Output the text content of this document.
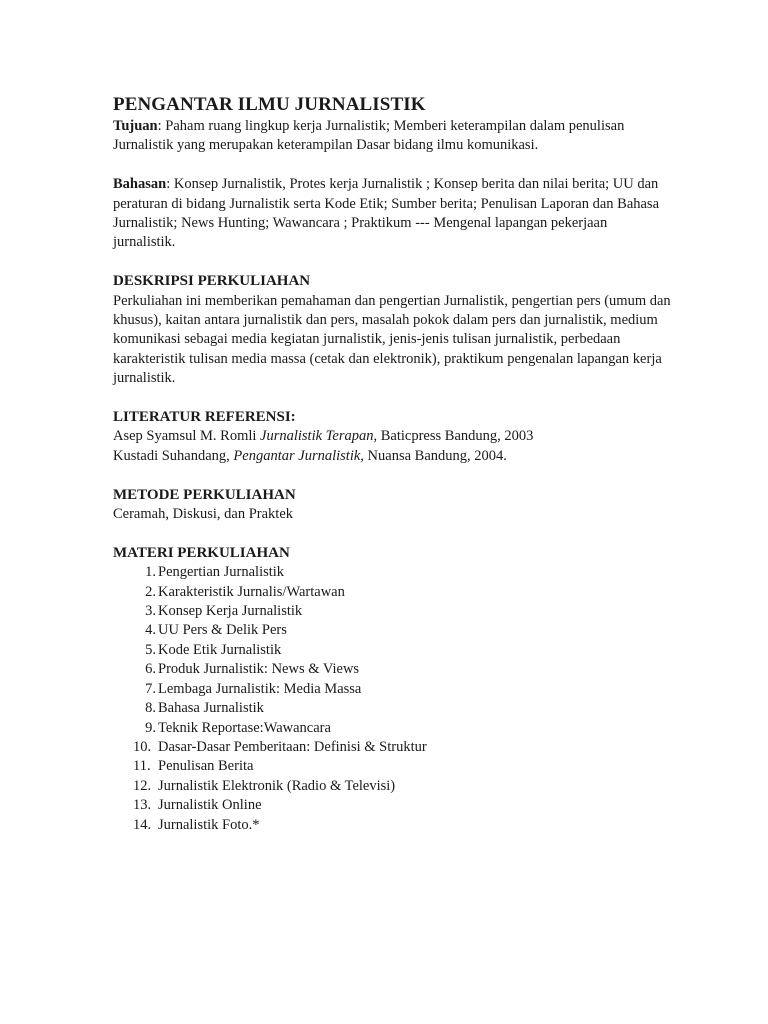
PENGANTAR ILMU JURNALISTIK

Tujuan: Paham ruang lingkup kerja Jurnalistik; Memberi keterampilan dalam penulisan Jurnalistik yang merupakan keterampilan Dasar bidang ilmu komunikasi.

Bahasan: Konsep Jurnalistik, Protes kerja Jurnalistik ; Konsep berita dan nilai berita; UU dan peraturan di bidang Jurnalistik serta Kode Etik; Sumber berita; Penulisan Laporan dan Bahasa Jurnalistik; News Hunting; Wawancara ; Praktikum --- Mengenal lapangan pekerjaan jurnalistik.

DESKRIPSI PERKULIAHAN

Perkuliahan ini memberikan pemahaman dan pengertian Jurnalistik, pengertian pers (umum dan khusus), kaitan antara jurnalistik dan pers, masalah pokok dalam pers dan jurnalistik, medium komunikasi sebagai media kegiatan jurnalistik, jenis-jenis tulisan jurnalistik, perbedaan karakteristik tulisan media massa (cetak dan elektronik), praktikum pengenalan lapangan kerja jurnalistik.

LITERATUR REFERENSI:

Asep Syamsul M. Romli Jurnalistik Terapan, Baticpress Bandung, 2003

Kustadi Suhandang, Pengantar Jurnalistik, Nuansa Bandung, 2004.

METODE PERKULIAHAN

Ceramah, Diskusi, dan Praktek

MATERI PERKULIAHAN
1. Pengertian Jurnalistik
2. Karakteristik Jurnalis/Wartawan
3. Konsep Kerja Jurnalistik
4. UU Pers & Delik Pers
5. Kode Etik Jurnalistik
6. Produk Jurnalistik: News & Views
7. Lembaga Jurnalistik: Media Massa
8. Bahasa Jurnalistik
9. Teknik Reportase:Wawancara
10. Dasar-Dasar Pemberitaan: Definisi & Struktur
11. Penulisan Berita
12. Jurnalistik Elektronik (Radio & Televisi)
13. Jurnalistik Online
14. Jurnalistik Foto.*
